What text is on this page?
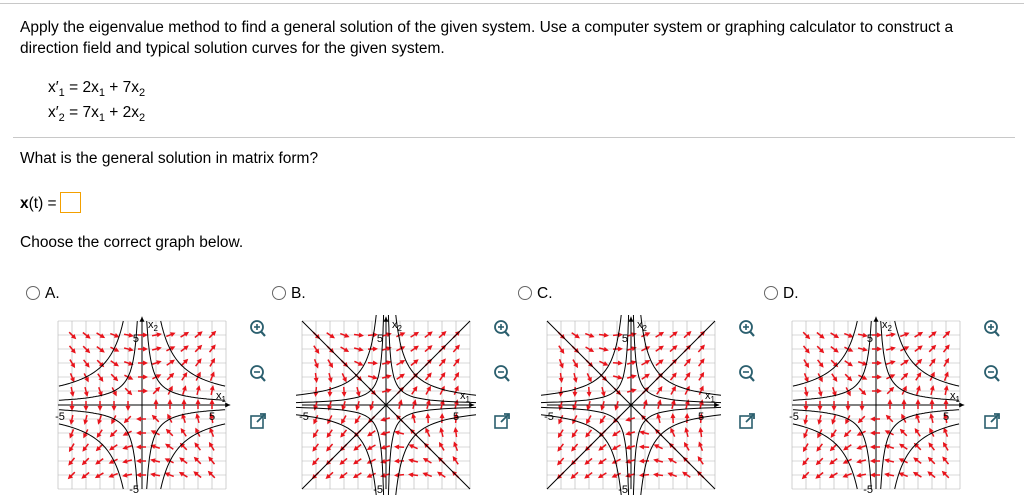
Apply the eigenvalue method to find a general solution of the given system. Use a computer system or graphing calculator to construct a direction field and typical solution curves for the given system.
$x'_1 = 2x_1 + 7x_2$
$x'_2 = 7x_1 + 2x_2$
What is the general solution in matrix form?
x(t) =
Choose the correct graph below.
A.	B.	C.	D.
$x_2$
$x_1$
5
-5
-5	5
$x_2$
$x_1$
5
-5
-5	5
$x_2$
$x_1$
5
-5
-5	5
$x_2$
$x_1$
5
-5
-5	5
